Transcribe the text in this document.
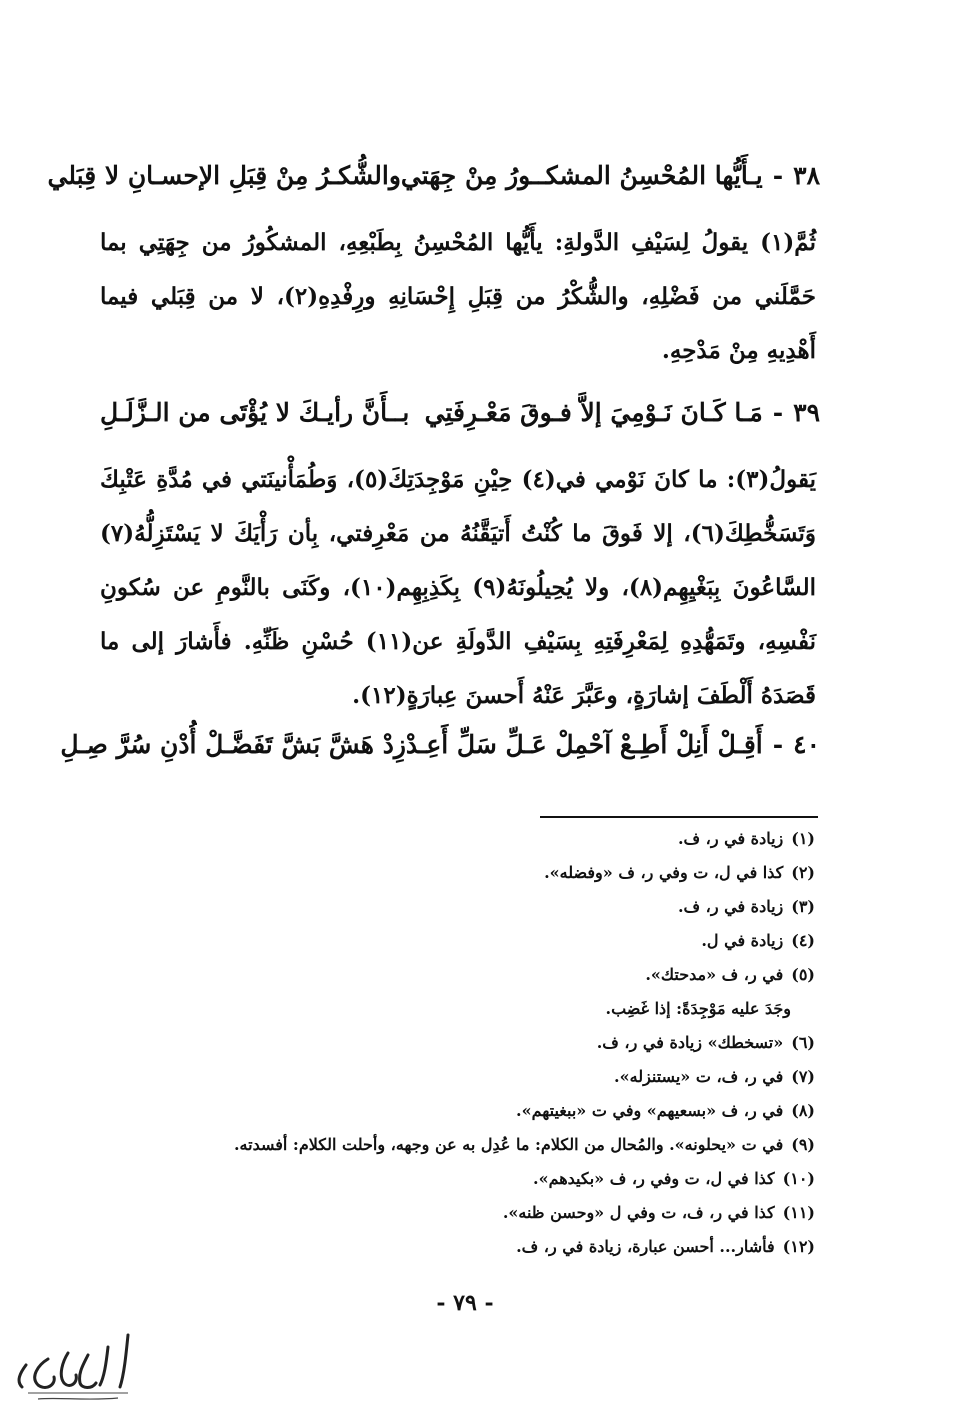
٣٨
-
يـأَيُّها المُحْسِنُ المشكــورُ مِنْ جِهَتي
والشُّكـرُ مِنْ قِبَلِ الإحسـانِ لا قِبَلي

ثُمَّ(١) يقولُ لِسَيْفِ الدَّولةِ: يأَيُّها المُحْسِنُ بِطَبْعِهِ، المشكُورُ من جِهَتِي بما حَمَّلَني من فَضْلِهِ، والشُّكْرُ من قِبَلِ إِحْسَانِهِ ورِفْدِهِ(٢)، لا من قِبَلي فيما أَهْدِيهِ مِنْ مَدْحِهِ.

٣٩
-
مَـا كَـانَ نَـوْمِيَ إلاَّ فـوقَ مَعْـرِفَتِي
بــأَنَّ رأيـكَ لا يُؤْتَى من الـزَّلَـلِ

يَقولُ(٣): ما كانَ نَوْمي في(٤) حِيْنِ مَوْجِدَتِكَ(٥)، وَطُمَأْنينَتي في مُدَّةِ عَتْبِكَ وَتَسَخُّطِكَ(٦)، إلا فَوقَ ما كُنْتُ أَتيَقَّنُهُ من مَعْرِفتي، بِأن رَأْيَكَ لا يَسْتَزِلُّهُ(٧) السَّاعُونَ بِبَغْيِهِم(٨)، ولا يُحِيلُونَهُ(٩) بِكَذِبِهِم(١٠)، وكَنَى بالنَّومِ عن سُكونِ نَفْسِهِ، وتَمَهُّدِهِ لِمَعْرِفَتِهِ بِسَيْفِ الدَّولَةِ عن(١١) حُسْنِ ظَنِّهِ. فأَشارَ إلى ما قَصَدَهُ أَلْطَفَ إشارَةٍ، وعَبَّرَ عَنْهُ أَحسنَ عِبارَةٍ(١٢).

٤٠
-
أَقِـلْ أَنِلْ أَطِـعْ آحْمِلْ عَـلِّ سَلِّ أَعِـدْ
زِدْ هَشَّ بَشَّ تَفَضَّـلْ أُدْنِ سُرَّ صِـلِ
(١)زيادة في ر، ف.
(٢)كذا في ل، ت وفي ر، ف «وفضله».
(٣)زيادة في ر، ف.
(٤)زيادة في ل.
(٥)في ر، ف «مدحتك».
وجَدَ عليه مَوْجِدَةً: إذا غَضِب.
(٦)«تسخطك» زيادة في ر، ف.
(٧)في ر، ف، ت «يستنزله».
(٨)في ر، ف «بسعيهم» وفي ت «ببغيتهم».
(٩)في ت «يحلونه». والمُحال من الكلام: ما عُدِل به عن وجهه، وأحلت الكلام: أفسدته.
(١٠)كذا في ل، ت وفي ر، ف «بكيدهم».
(١١)كذا في ر، ف، ت وفي ل «وحسن ظنه».
(١٢)فأشار... أحسن عبارة، زيادة في ر، ف.
- ٧٩ -
